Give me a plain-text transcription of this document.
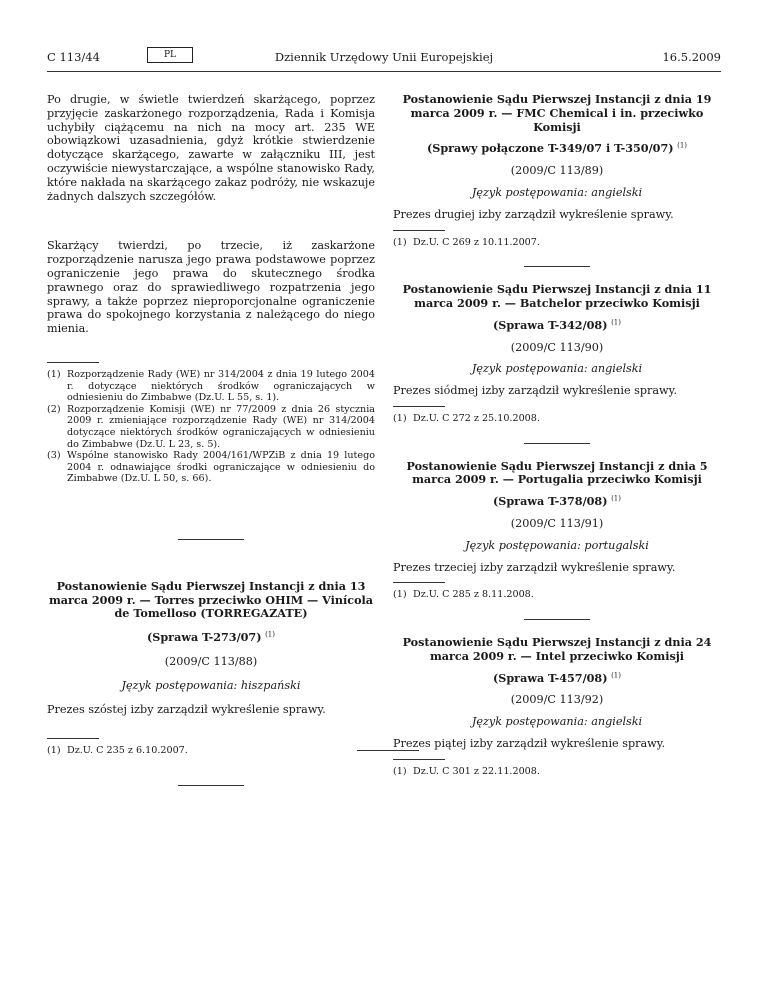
Dziennik Urzędowy Unii Europejskiej
C 113/44	PL	16.5.2009

Po drugie, w świetle twierdzeń skarżącego, poprzez przyjęcie zaskarżonego rozporządzenia, Rada i Komisja uchybiły ciążącemu na nich na mocy art. 235 WE obowiązkowi uzasadnienia, gdyż krótkie stwierdzenie dotyczące skarżącego, zawarte w załączniku III, jest oczywiście niewystarczające, a wspólne stanowisko Rady, które nakłada na skarżącego zakaz podróży, nie wskazuje żadnych dalszych szczegółów.

Skarżący twierdzi, po trzecie, iż zaskarżone rozporządzenie narusza jego prawa podstawowe poprzez ograniczenie jego prawa do skutecznego środka prawnego oraz do sprawiedliwego rozpatrzenia jego sprawy, a także poprzez nieproporcjonalne ograniczenie prawa do spokojnego korzystania z należącego do niego mienia.

(1) Rozporządzenie Rady (WE) nr 314/2004 z dnia 19 lutego 2004 r. dotyczące niektórych środków ograniczających w odniesieniu do Zimbabwe (Dz.U. L 55, s. 1).
(2) Rozporządzenie Komisji (WE) nr 77/2009 z dnia 26 stycznia 2009 r. zmieniające rozporządzenie Rady (WE) nr 314/2004 dotyczące niektórych środków ograniczających w odniesieniu do Zimbabwe (Dz.U. L 23, s. 5).
(3) Wspólne stanowisko Rady 2004/161/WPZiB z dnia 19 lutego 2004 r. odnawiające środki ograniczające w odniesieniu do Zimbabwe (Dz.U. L 50, s. 66).

Postanowienie Sądu Pierwszej Instancji z dnia 13 marca 2009 r. — Torres przeciwko OHIM — Vinícola de Tomelloso (TORREGAZATE)

(Sprawa T-273/07) $^{(1)}$

(2009/C 113/88)

Język postępowania: hiszpański

Prezes szóstej izby zarządził wykreślenie sprawy.

(1) Dz.U. C 235 z 6.10.2007.

Postanowienie Sądu Pierwszej Instancji z dnia 19 marca 2009 r. — FMC Chemical i in. przeciwko Komisji

(Sprawy połączone T-349/07 i T-350/07) $^{(1)}$

(2009/C 113/89)

Język postępowania: angielski

Prezes drugiej izby zarządził wykreślenie sprawy.

(1) Dz.U. C 269 z 10.11.2007.

Postanowienie Sądu Pierwszej Instancji z dnia 11 marca 2009 r. — Batchelor przeciwko Komisji

(Sprawa T-342/08) $^{(1)}$

(2009/C 113/90)

Język postępowania: angielski

Prezes siódmej izby zarządził wykreślenie sprawy.

(1) Dz.U. C 272 z 25.10.2008.

Postanowienie Sądu Pierwszej Instancji z dnia 5 marca 2009 r. — Portugalia przeciwko Komisji

(Sprawa T-378/08) $^{(1)}$

(2009/C 113/91)

Język postępowania: portugalski

Prezes trzeciej izby zarządził wykreślenie sprawy.

(1) Dz.U. C 285 z 8.11.2008.

Postanowienie Sądu Pierwszej Instancji z dnia 24 marca 2009 r. — Intel przeciwko Komisji

(Sprawa T-457/08) $^{(1)}$

(2009/C 113/92)

Język postępowania: angielski

Prezes piątej izby zarządził wykreślenie sprawy.

(1) Dz.U. C 301 z 22.11.2008.
